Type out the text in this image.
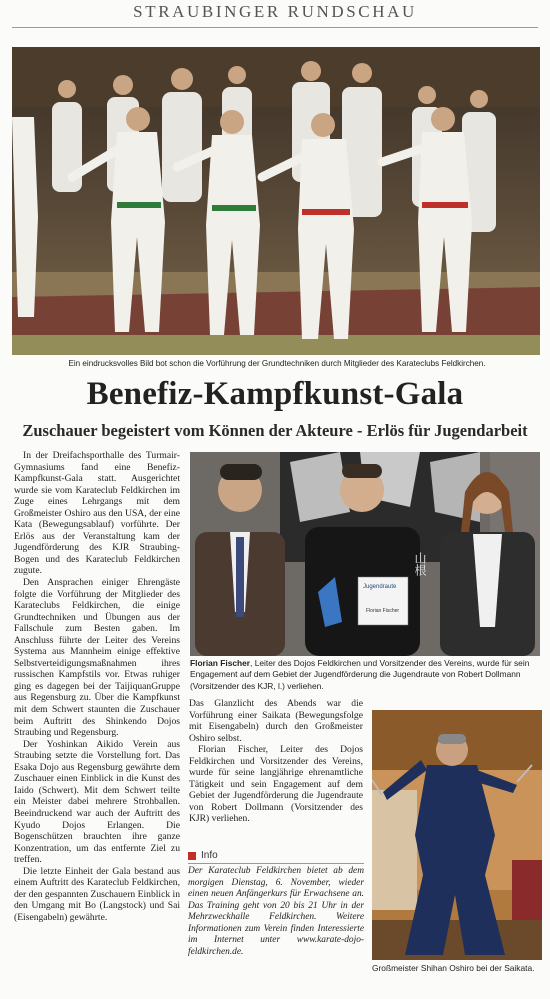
STRAUBINGER RUNDSCHAU
Ein eindrucksvolles Bild bot schon die Vorführung der Grundtechniken durch Mitglieder des Karateclubs Feldkirchen.
Benefiz-Kampfkunst-Gala
Zuschauer begeistert vom Können der Akteure - Erlös für Jugendarbeit

In der Dreifachsporthalle des Turmair-Gymnasiums fand eine Benefiz-Kampfkunst-Gala statt. Ausgerichtet wurde sie vom Karateclub Feldkirchen im Zuge eines Lehrgangs mit dem Großmeister Oshiro aus den USA, der eine Kata (Bewegungsablauf) vorführte. Der Erlös aus der Veranstaltung kam der Jugendförderung des KJR Straubing-Bogen und des Karateclub Feldkirchen zugute.

Den Ansprachen einiger Ehrengäste folgte die Vorführung der Mitglieder des Karateclubs Feldkirchen, die einige Grundtechniken und Übungen aus der Fallschule zum Besten gaben. Im Anschluss führte der Leiter des Vereins Systema aus Mannheim einige effektive Selbstverteidigungsmaßnahmen ihres russischen Kampfstils vor. Etwas ruhiger ging es dagegen bei der TaijiquanGruppe aus Regensburg zu. Über die Kampfkunst mit dem Schwert staunten die Zuschauer beim Auftritt des Shinkendo Dojos Straubing und Regensburg.

Der Yoshinkan Aikido Verein aus Straubing setzte die Vorstellung fort. Das Esaka Dojo aus Regensburg gewährte dem Zuschauer einen Einblick in die Kunst des Iaido (Schwert). Mit dem Schwert teilte ein Meister dabei mehrere Strohballen. Beeindruckend war auch der Auftritt des Kyudo Dojos Erlangen. Die Bogenschützen brauchten ihre ganze Konzentration, um das entfernte Ziel zu treffen.

Die letzte Einheit der Gala bestand aus einem Auftritt des Karateclub Feldkirchen, der den gespannten Zuschauern Einblick in den Umgang mit Bo (Langstock) und Sai (Eisengabeln) gewährte.

Jugendraute
Florian Fischer
山根
Florian Fischer, Leiter des Dojos Feldkirchen und Vorsitzender des Vereins, wurde für sein Engagement auf dem Gebiet der Jugendförderung die Jugendraute von Robert Dollmann (Vorsitzender des KJR, l.) verliehen.

Das Glanzlicht des Abends war die Vorführung einer Saikata (Bewegungsfolge mit Eisengabeln) durch den Großmeister Oshiro selbst.

Florian Fischer, Leiter des Dojos Feldkirchen und Vorsitzender des Vereins, wurde für seine langjährige ehrenamtliche Tätigkeit und sein Engagement auf dem Gebiet der Jugendförderung die Jugendraute von Robert Dollmann (Vorsitzender des KJR) verliehen.

Info
Der Karateclub Feldkirchen bietet ab dem morgigen Dienstag, 6. November, wieder einen neuen Anfängerkurs für Erwachsene an. Das Training geht von 20 bis 21 Uhr in der Mehrzweckhalle Feldkirchen. Weitere Informationen zum Verein finden Interessierte im Internet unter www.karate-dojo-feldkirchen.de.
Großmeister Shihan Oshiro bei der Saikata.
